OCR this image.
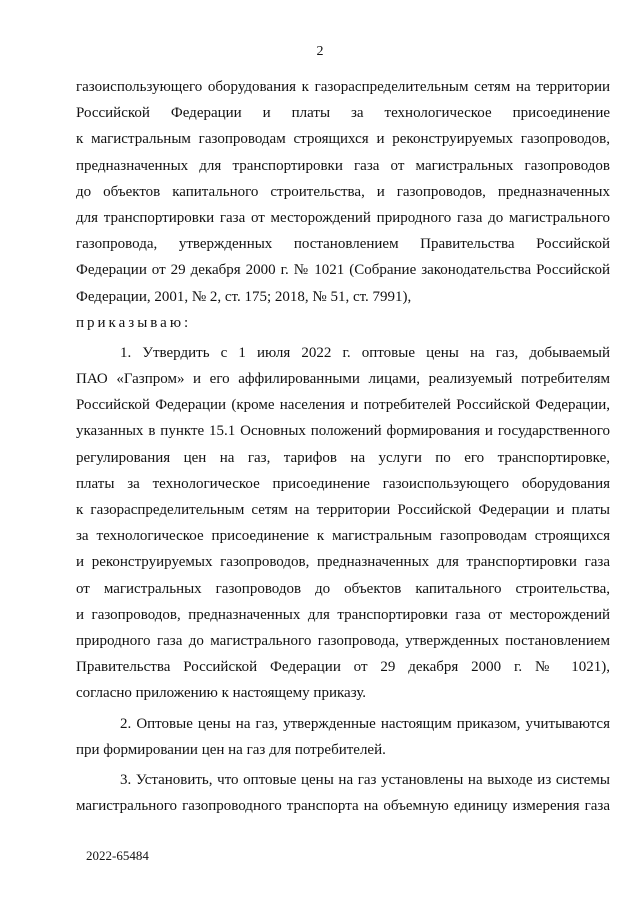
2
газоиспользующего оборудования к газораспределительным сетям на территории
Российской Федерации и платы за технологическое присоединение
к магистральным газопроводам строящихся и реконструируемых газопроводов,
предназначенных для транспортировки газа от магистральных газопроводов
до объектов капитального строительства, и газопроводов, предназначенных
для транспортировки газа от месторождений природного газа до магистрального
газопровода, утвержденных постановлением Правительства Российской
Федерации от 29 декабря 2000 г. № 1021 (Собрание законодательства Российской
Федерации, 2001, № 2, ст. 175; 2018, № 51, ст. 7991),
приказываю:
1. Утвердить с 1 июля 2022 г. оптовые цены на газ, добываемый
ПАО «Газпром» и его аффилированными лицами, реализуемый потребителям
Российской Федерации (кроме населения и потребителей Российской Федерации,
указанных в пункте 15.1 Основных положений формирования и государственного
регулирования цен на газ, тарифов на услуги по его транспортировке,
платы за технологическое присоединение газоиспользующего оборудования
к газораспределительным сетям на территории Российской Федерации и платы
за технологическое присоединение к магистральным газопроводам строящихся
и реконструируемых газопроводов, предназначенных для транспортировки газа
от магистральных газопроводов до объектов капитального строительства,
и газопроводов, предназначенных для транспортировки газа от месторождений
природного газа до магистрального газопровода, утвержденных постановлением
Правительства Российской Федерации от 29 декабря 2000 г. № 1021),
согласно приложению к настоящему приказу.
2. Оптовые цены на газ, утвержденные настоящим приказом, учитываются
при формировании цен на газ для потребителей.
3. Установить, что оптовые цены на газ установлены на выходе из системы
магистрального газопроводного транспорта на объемную единицу измерения газа
2022-65484
